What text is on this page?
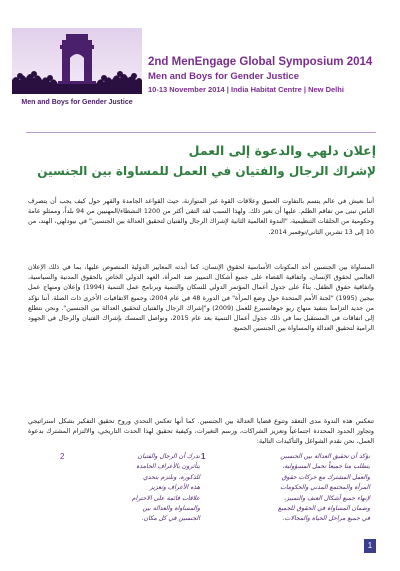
Men and Boys for Gender Justice
2nd MenEngage Global Symposium 2014
Men and Boys for Gender Justice
10-13 November 2014 | India Habitat Centre | New Delhi
إعلان دلهي والدعوة إلى العمل
لإشراك الرجال والفتيان في العمل للمساواة بين الجنسين

أننا نعيش في عالم يتسم بالتفاوت العميق وعلاقات القوة غير المتوازنة، حيث القواعد الجامدة والقهر حول كيف يجب أن يتصرف الناس تبنى من تفاقم الظلم. عليها أن نغير ذلك. ولهذا السبب لقد التقى أكثر من 1200 النشطاء/المهنيين من 94 بلداً، وممثلو عامة وحكومية من الحلقات التنظيمية، "الندوة العالمية الثانية لإشراك الرجال والفتيان لتحقيق العدالة بين الجنسين" في نيودلهي، الهند، من 10 إلى 13 تشرين الثاني/نوفمبر 2014.

المساواة بين الجنسين أحد المكونات الأساسية لحقوق الإنسان، كما أبدته المعايير الدولية المنصوص عليها، بما في ذلك الإعلان العالمي لحقوق الإنسان، واتفاقية القضاء على جميع أشكال التمييز ضد المرأة، العهد الدولي الخاص بالحقوق المدنية والسياسية، واتفاقية حقوق الطفل. بناءً على جدول أعمال المؤتمر الدولي للسكان والتنمية وبرنامج عمل التنمية (1994) وإعلان ومنهاج عمل بيجين (1995) "لجنة الأمم المتحدة حول وضع المرأة" في الدورة 48 في عام 2004، وجميع الاتفاقيات الأخرى ذات الصلة. أننا نؤكد من جديد التزامنا بتنفيذ منهاج ريو جوهانسبرغ للعمل (2009) و"إشراك الرجال والفتيان لتحقيق العدالة بين الجنسين". ونحن نتطلع إلى اتفاقات في المستقبل بما في ذلك جدول أعمال التنمية بعد عام 2015، ونواصل التمسك بإشراك الفتيان والرجال في الجهود الرامية لتحقيق العدالة والمساواة بين الجنسين الجميع.

تنعكس هذه الندوة مدى التعقد وتنوع قضايا العدالة بين الجنسين. كما أنها تعكس التحدي وروح تحقيق التفكير بشكل استراتيجي وتجاوز الحدود المحددة اجتماعياً وتعزيز الشراكات، ورسم التغيرات، وكيفية تحقيق لهذا الحدث التاريخي، والالتزام المشترك بدعوة العمل، نحن نقدم الشواغل والتأكيدات التالية:

1	نؤكد أن تحقيق العدالة بين الجنسين
يتطلب منا جميعاً تحمل المسؤولية،
والعمل المشترك مع حركات حقوق
المرأة والمجتمع المدني والحكومات
لإنهاء جميع أشكال العنف والتمييز،
وضمان المساواة في الحقوق للجميع
في جميع مراحل الحياة والمجالات.
2	ندرك أن الرجال والفتيان
يتأثرون بالأعراف الجامدة
للذكورة، ونلتزم بتحدي
هذه الأعراف وتعزيز
علاقات قائمة على الاحترام
والمساواة والعدالة بين
الجنسين في كل مكان.
1
